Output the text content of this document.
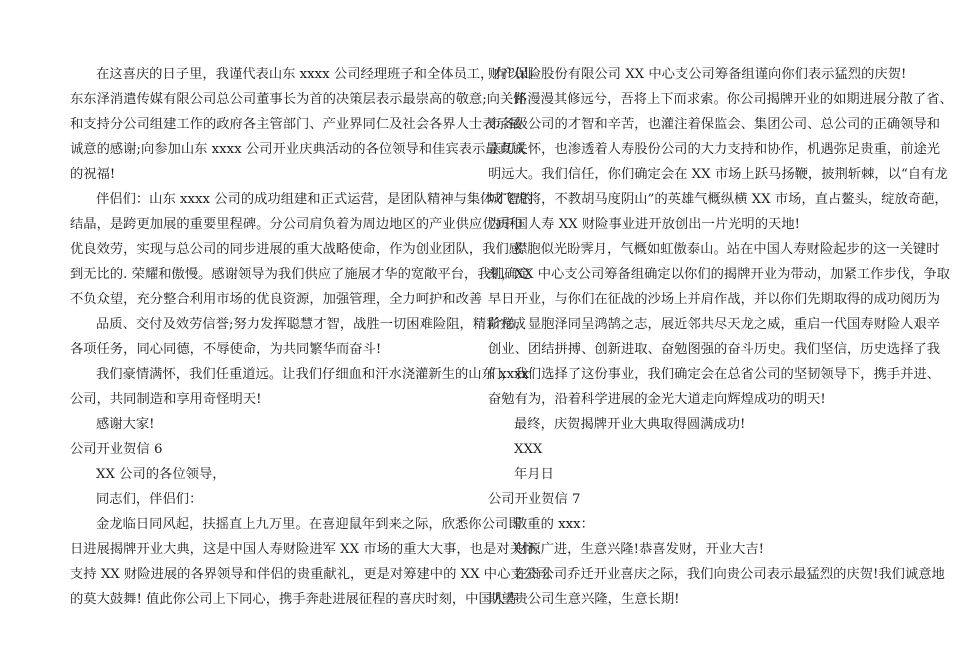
在这喜庆的日子里，我谨代表山东 xxxx 公司经理班子和全体员工，向以山
东东泽消遣传媒有限公司总公司董事长为首的决策层表示最崇高的敬意;向关怀
和支持分公司组建工作的政府各主管部门、产业界同仁及社会各界人士表示最
诚意的感谢;向参加山东 xxxx 公司开业庆典活动的各位领导和佳宾表示最真诚
的祝福!
伴侣们：山东 xxxx 公司的成功组建和正式运营，是团队精神与集体才智的
结晶，是跨更加展的重要里程碑。分公司肩负着为周边地区的产业供应优质和
优良效劳，实现与总公司的同步进展的重大战略使命，作为创业团队，我们感
到无比的. 荣耀和傲慢。感谢领导为我们供应了施展才华的宽敞平台，我们确定
不负众望，充分整合利用市场的优良资源，加强管理，全力呵护和改善
品质、交付及效劳信誉;努力发挥聪慧才智，战胜一切困难险阻，精彩完成
各项任务，同心同德，不辱使命，为共同繁华而奋斗!
我们豪情满怀，我们任重道远。让我们仔细血和汗水浇灌新生的山东 xxxx
公司，共同制造和享用奇怪明天!
感谢大家!
公司开业贺信 6
XX 公司的各位领导，
同志们，伴侣们：
金龙临日同风起，扶摇直上九万里。在喜迎鼠年到来之际，欣悉你公司即
日进展揭牌开业大典，这是中国人寿财险进军 XX 市场的重大大事，也是对关怀、
支持 XX 财险进展的各界领导和伴侣的贵重献礼，更是对筹建中的 XX 中心支公司
的莫大鼓舞! 值此你公司上下同心，携手奔赴进展征程的喜庆时刻，中国人寿
财产保险股份有限公司 XX 中心支公司筹备组谨向你们表示猛烈的庆贺!
路漫漫其修远兮，吾将上下而求索。你公司揭牌开业的如期进展分散了省、
市各级公司的才智和辛苦，也灌注着保监会、集团公司、总公司的正确领导和
亲切关怀，也渗透着人寿股份公司的大力支持和协作，机遇弥足贵重，前途光
明远大。我们信任，你们确定会在 XX 市场上跃马扬鞭，披荆斩棘，以“自有龙
城飞虎将，不教胡马度阴山”的英雄气概纵横 XX 市场，直占鳌头，绽放奇葩，
为中国人寿 XX 财险事业进开放创出一片光明的天地!
襟胞似光盼霁月，气概如虹傲泰山。站在中国人寿财险起步的这一关键时
刻，XX 中心支公司筹备组确定以你们的揭牌开业为带动，加紧工作步伐，争取
早日开业，与你们在征战的沙场上并肩作战，并以你们先期取得的成功阅历为
阶梯，显胞泽同呈鸿鹄之志，展近邻共尽天龙之威，重启一代国寿财险人艰辛
创业、团结拼搏、创新进取、奋勉图强的奋斗历史。我们坚信，历史选择了我
们，我们选择了这份事业，我们确定会在总省公司的坚韧领导下，携手并进、
奋勉有为，沿着科学进展的金光大道走向辉煌成功的明天!
最终，庆贺揭牌开业大典取得圆满成功!
XXX
年月日
公司开业贺信 7
敬重的 xxx：
财源广进，生意兴隆!恭喜发财，开业大吉!
在贵公司乔迁开业喜庆之际，我们向贵公司表示最猛烈的庆贺!我们诚意地
期望贵公司生意兴隆，生意长期!
